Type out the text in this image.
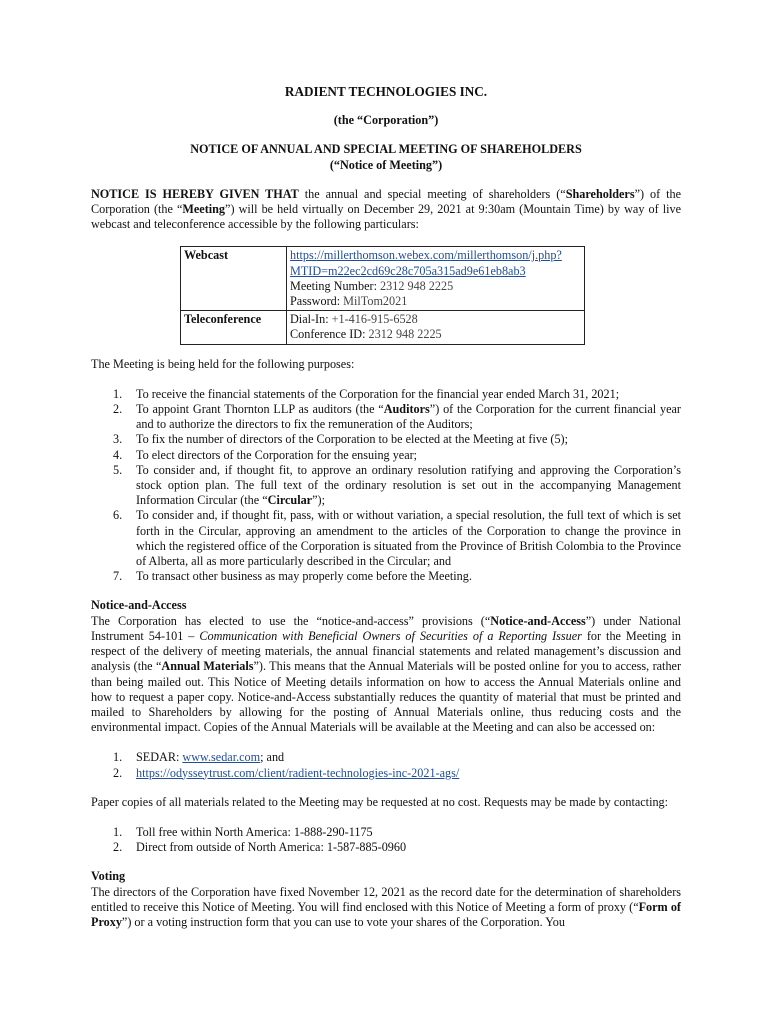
RADIENT TECHNOLOGIES INC.
(the “Corporation”)
NOTICE OF ANNUAL AND SPECIAL MEETING OF SHAREHOLDERS
(“Notice of Meeting”)

NOTICE IS HEREBY GIVEN THAT the annual and special meeting of shareholders (“Shareholders”) of the Corporation (the “Meeting”) will be held virtually on December 29, 2021 at 9:30am (Mountain Time) by way of live webcast and teleconference accessible by the following particulars:

Webcast	https://millerthomson.webex.com/millerthomson/j.php?
MTID=m22ec2cd69c28c705a315ad9e61eb8ab3
Meeting Number: 2312 948 2225
Password: MilTom2021

Teleconference	Dial-In: +1-416-915-6528
Conference ID: 2312 948 2225

The Meeting is being held for the following purposes:

1. To receive the financial statements of the Corporation for the financial year ended March 31, 2021;
2. To appoint Grant Thornton LLP as auditors (the “Auditors”) of the Corporation for the current financial year and to authorize the directors to fix the remuneration of the Auditors;
3. To fix the number of directors of the Corporation to be elected at the Meeting at five (5);
4. To elect directors of the Corporation for the ensuing year;
5. To consider and, if thought fit, to approve an ordinary resolution ratifying and approving the Corporation’s stock option plan. The full text of the ordinary resolution is set out in the accompanying Management Information Circular (the “Circular”);
6. To consider and, if thought fit, pass, with or without variation, a special resolution, the full text of which is set forth in the Circular, approving an amendment to the articles of the Corporation to change the province in which the registered office of the Corporation is situated from the Province of British Colombia to the Province of Alberta, all as more particularly described in the Circular; and
7. To transact other business as may properly come before the Meeting.
Notice-and-Access

The Corporation has elected to use the “notice-and-access” provisions (“Notice-and-Access”) under National Instrument 54-101 – Communication with Beneficial Owners of Securities of a Reporting Issuer for the Meeting in respect of the delivery of meeting materials, the annual financial statements and related management’s discussion and analysis (the “Annual Materials”). This means that the Annual Materials will be posted online for you to access, rather than being mailed out. This Notice of Meeting details information on how to access the Annual Materials online and how to request a paper copy. Notice-and-Access substantially reduces the quantity of material that must be printed and mailed to Shareholders by allowing for the posting of Annual Materials online, thus reducing costs and the environmental impact. Copies of the Annual Materials will be available at the Meeting and can also be accessed on:

1. SEDAR: www.sedar.com; and
2. https://odysseytrust.com/client/radient-technologies-inc-2021-ags/

Paper copies of all materials related to the Meeting may be requested at no cost. Requests may be made by contacting:

1. Toll free within North America: 1-888-290-1175
2. Direct from outside of North America: 1-587-885-0960
Voting

The directors of the Corporation have fixed November 12, 2021 as the record date for the determination of shareholders entitled to receive this Notice of Meeting. You will find enclosed with this Notice of Meeting a form of proxy (“Form of Proxy”) or a voting instruction form that you can use to vote your shares of the Corporation. You
